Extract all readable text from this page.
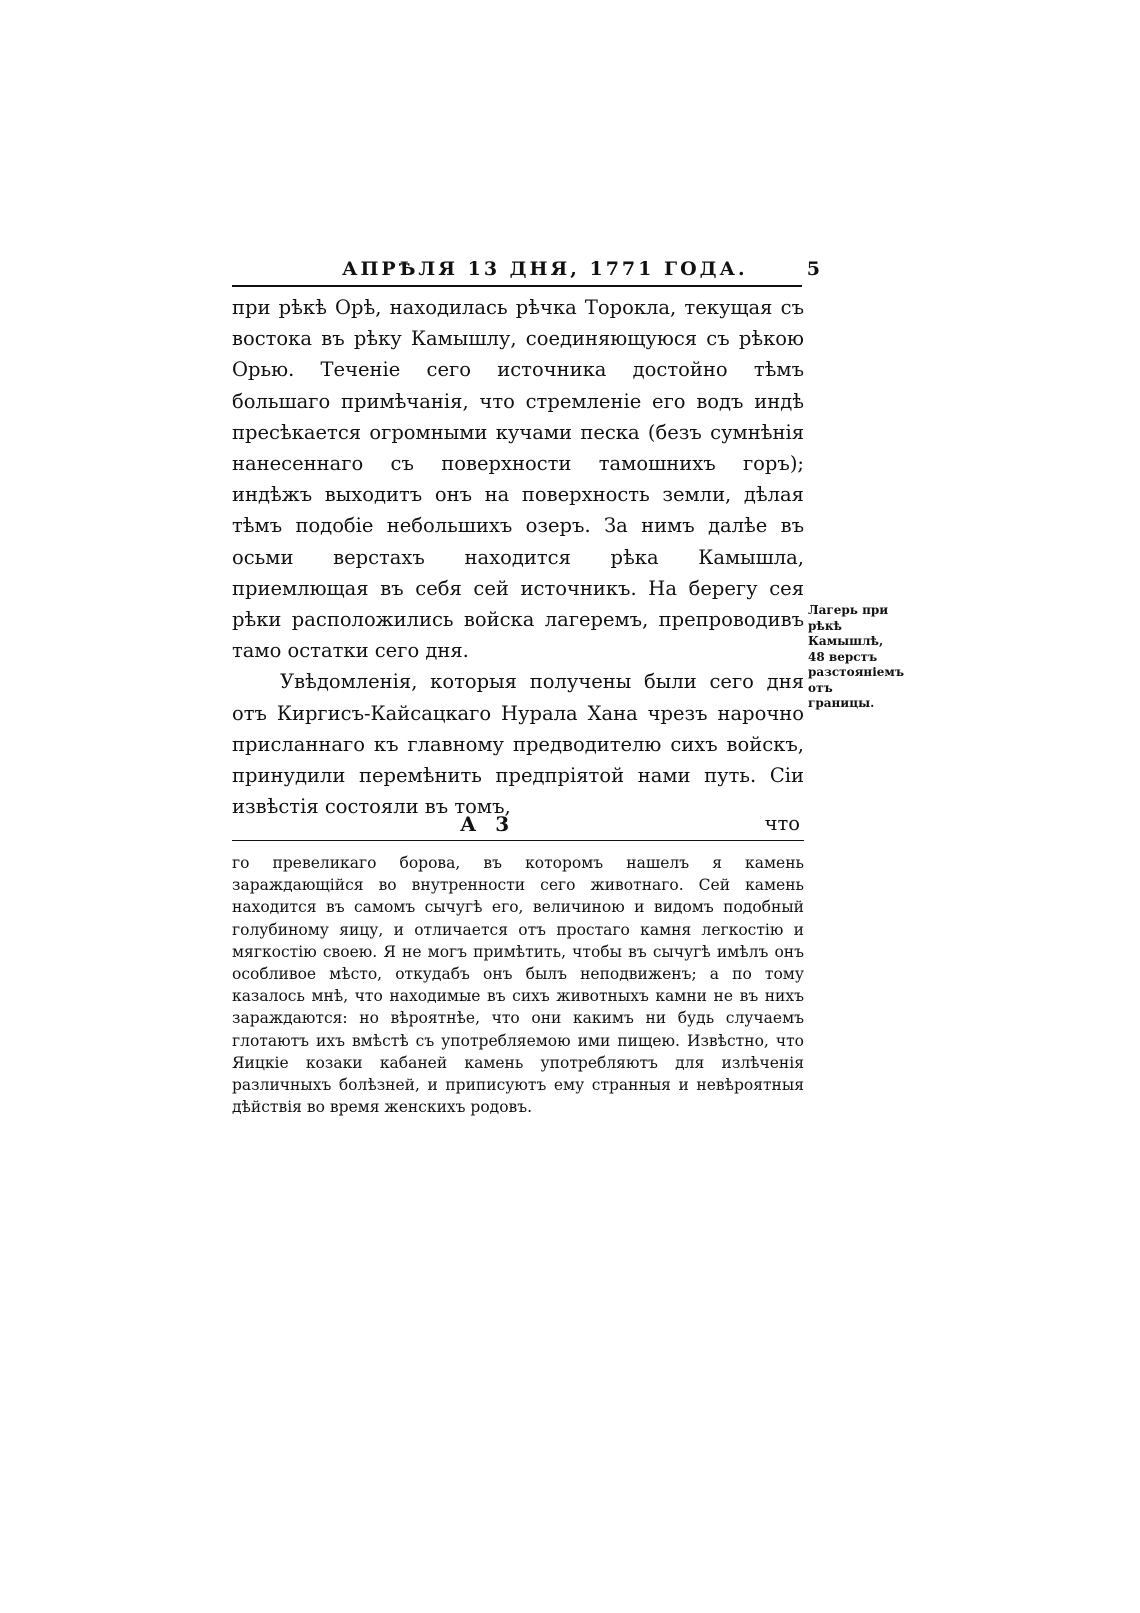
АПРѢЛЯ 13 ДНЯ, 1771 ГОДА.	5

при рѣкѣ Орѣ, находилась рѣчка Торокла, текущая съ востока въ рѣку Камышлу, соединяющуюся съ рѣкою Орью. Теченіе сего источника достойно тѣмъ большаго примѣчанія, что стремленіе его водъ индѣ пресѣкается огромными кучами песка (безъ сумнѣнія нанесеннаго съ поверхности тамошнихъ горъ); индѣжъ выходитъ онъ на поверхность земли, дѣлая тѣмъ подобіе небольшихъ озеръ. За нимъ далѣе въ осьми верстахъ находится рѣка Камышла, приемлющая въ себя сей источникъ. На берегу сея рѣки расположились войска лагеремъ, препроводивъ тамо остатки сего дня.

Увѣдомленія, которыя получены были сего дня отъ Киргисъ-Кайсацкаго Нурала Хана чрезъ нарочно присланнаго къ главному предводителю сихъ войскъ, принудили перемѣнить предпріятой нами путь. Сіи извѣстія состояли въ томъ,

Лагерь при рѣкѣ Камышлѣ, 48 верстъ разстояніемъ отъ границы.
А 3	что
го превеликаго борова, въ которомъ нашелъ я камень зараждающійся во внутренности сего животнаго. Сей камень находится въ самомъ сычугѣ его, величиною и видомъ подобный голубиному яицу, и отличается отъ простаго камня легкостію и мягкостію своею. Я не могъ примѣтить, чтобы въ сычугѣ имѣлъ онъ особливое мѣсто, откудабъ онъ былъ неподвиженъ; а по тому казалось мнѣ, что находимые въ сихъ животныхъ камни не въ нихъ зараждаются: но вѣроятнѣе, что они какимъ ни будь случаемъ глотаютъ ихъ вмѣстѣ съ употребляемою ими пищею. Извѣстно, что Яицкіе козаки кабаней камень употребляютъ для излѣченія различныхъ болѣзней, и приписуютъ ему странныя и невѣроятныя дѣйствія во время женскихъ родовъ.
